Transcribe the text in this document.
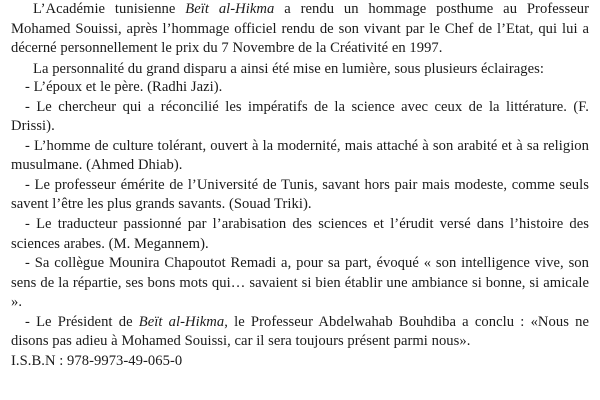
L’Académie tunisienne Beït al-Hikma a rendu un hommage posthume au Professeur Mohamed Souissi, après l’hommage officiel rendu de son vivant par le Chef de l’Etat, qui lui a décerné personnellement le prix du 7 Novembre de la Créativité en 1997.

La personnalité du grand disparu a ainsi été mise en lumière, sous plusieurs éclairages:

- L’époux et le père. (Radhi Jazi).

- Le chercheur qui a réconcilié les impératifs de la science avec ceux de la littérature. (F. Drissi).

- L’homme de culture tolérant, ouvert à la modernité, mais attaché à son arabité et à sa religion musulmane. (Ahmed Dhiab).

- Le professeur émérite de l’Université de Tunis, savant hors pair mais modeste, comme seuls savent l’être les plus grands savants. (Souad Triki).

- Le traducteur passionné par l’arabisation des sciences et l’érudit versé dans l’histoire des sciences arabes. (M. Megannem).

- Sa collègue Mounira Chapoutot Remadi a, pour sa part, évoqué « son intelligence vive, son sens de la répartie, ses bons mots qui… savaient si bien établir une ambiance si bonne, si amicale ».

- Le Président de Beït al-Hikma, le Professeur Abdelwahab Bouhdiba a conclu : «Nous ne disons pas adieu à Mohamed Souissi, car il sera toujours présent parmi nous».

I.S.B.N : 978-9973-49-065-0
